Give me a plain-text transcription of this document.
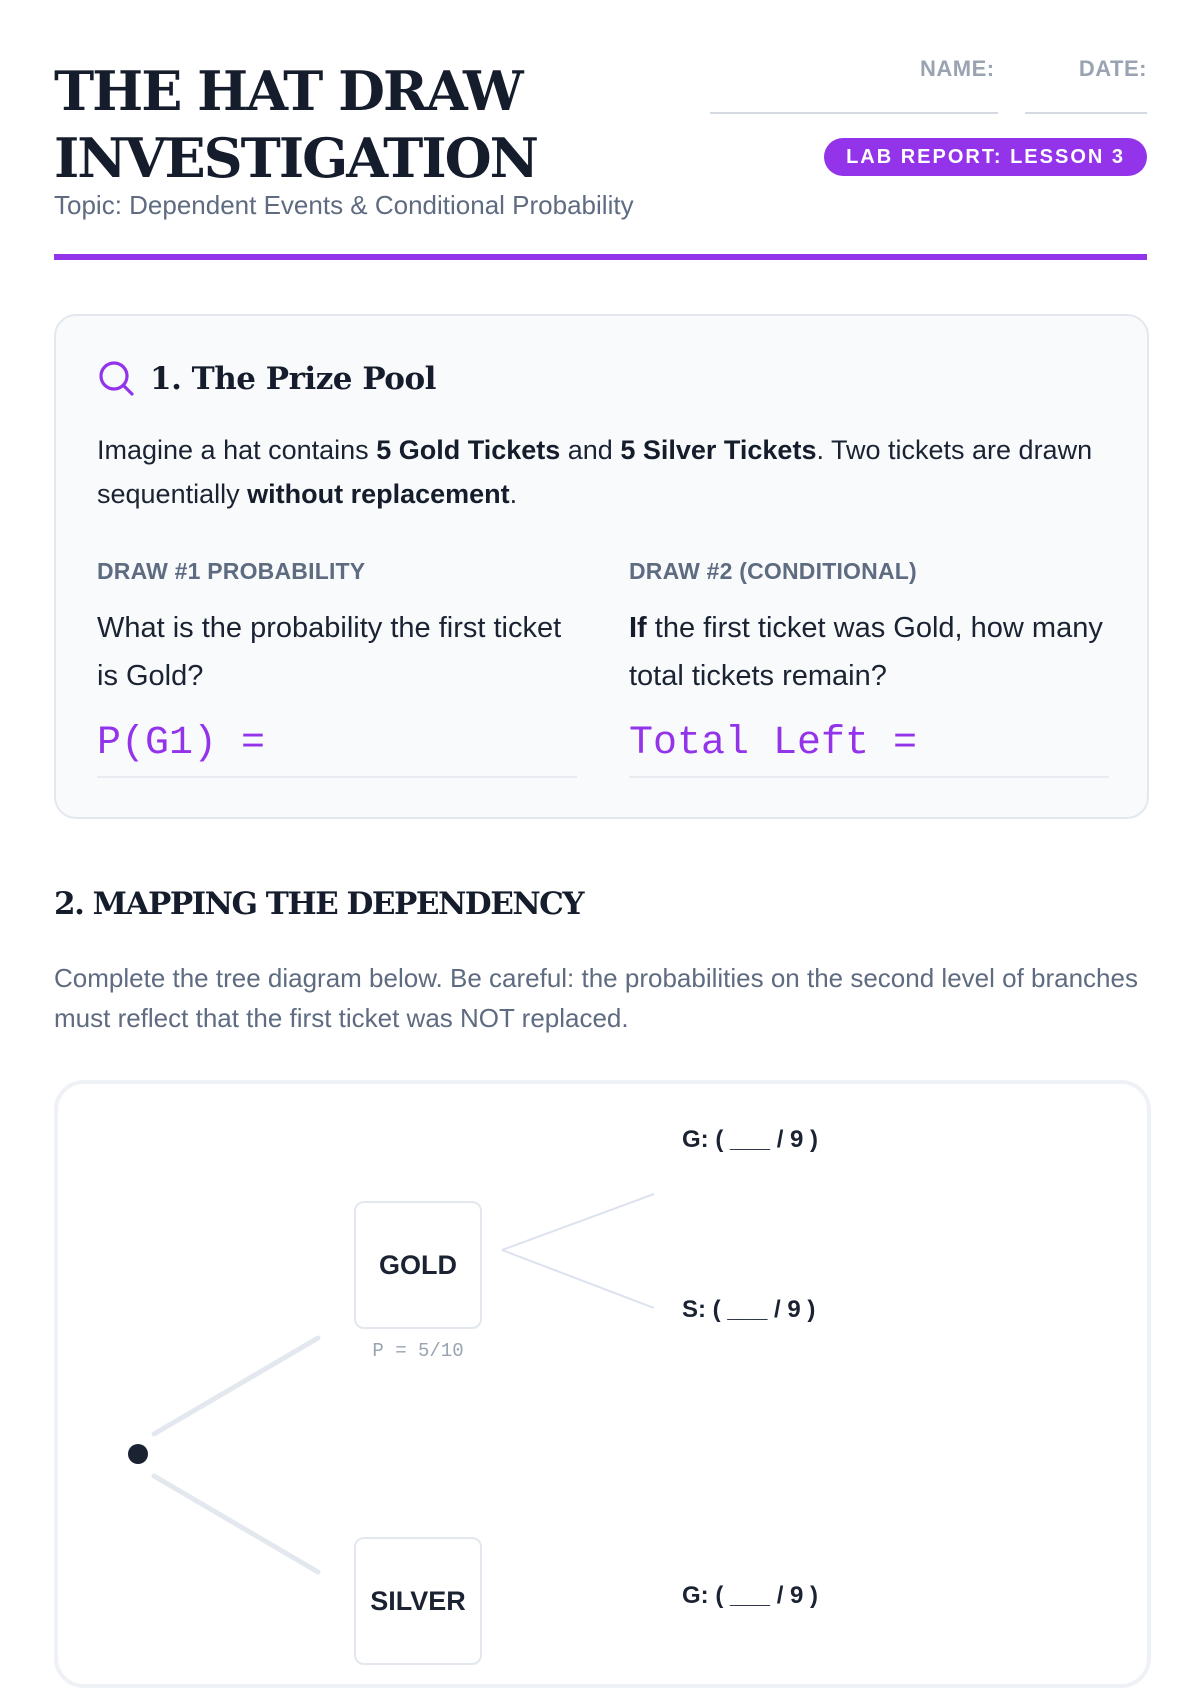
THE HAT DRAW
INVESTIGATION
Topic: Dependent Events & Conditional Probability
NAME:	DATE:
LAB REPORT: LESSON 3
1. The Prize Pool
Imagine a hat contains 5 Gold Tickets and 5 Silver Tickets. Two tickets are drawn sequentially without replacement.
DRAW #1 PROBABILITY
What is the probability the first ticket is Gold?
P(G1) =
DRAW #2 (CONDITIONAL)
If the first ticket was Gold, how many total tickets remain?
Total Left =
2. MAPPING THE DEPENDENCY
Complete the tree diagram below. Be careful: the probabilities on the second level of branches must reflect that the first ticket was NOT replaced.
GOLD
P = 5/10
SILVER
G: ( ___ / 9 )
S: ( ___ / 9 )
G: ( ___ / 9 )
